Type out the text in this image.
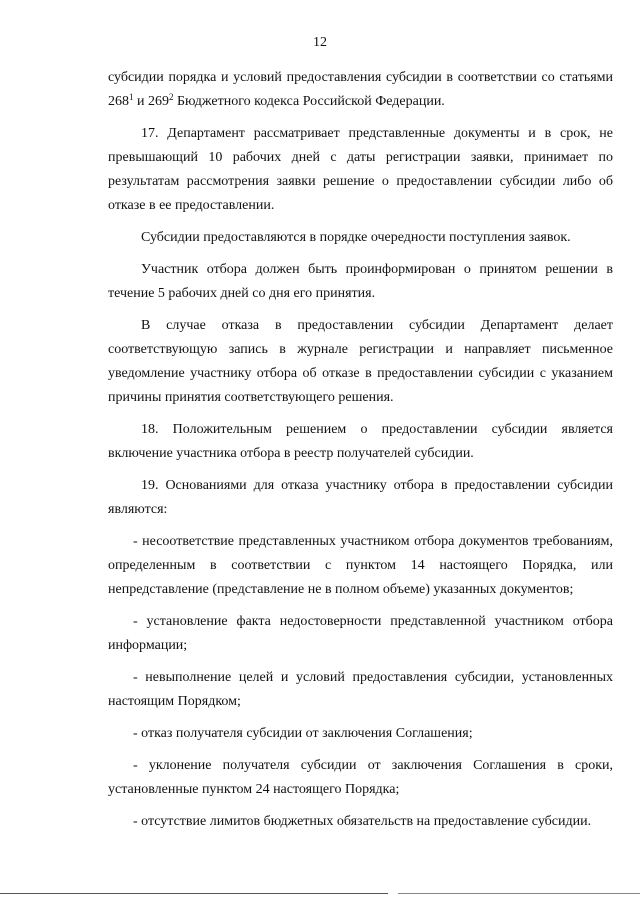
12

субсидии порядка и условий предоставления субсидии в соответствии со статьями $268^1$ и $269^2$ Бюджетного кодекса Российской Федерации.

17. Департамент рассматривает представленные документы и в срок, не превышающий 10 рабочих дней с даты регистрации заявки, принимает по результатам рассмотрения заявки решение о предоставлении субсидии либо об отказе в ее предоставлении.

Субсидии предоставляются в порядке очередности поступления заявок.

Участник отбора должен быть проинформирован о принятом решении в течение 5 рабочих дней со дня его принятия.

В случае отказа в предоставлении субсидии Департамент делает соответствующую запись в журнале регистрации и направляет письменное уведомление участнику отбора об отказе в предоставлении субсидии с указанием причины принятия соответствующего решения.

18. Положительным решением о предоставлении субсидии является включение участника отбора в реестр получателей субсидии.

19. Основаниями для отказа участнику отбора в предоставлении субсидии являются:

- несоответствие представленных участником отбора документов требованиям, определенным в соответствии с пунктом 14 настоящего Порядка, или непредставление (представление не в полном объеме) указанных документов;

- установление факта недостоверности представленной участником отбора информации;

- невыполнение целей и условий предоставления субсидии, установленных настоящим Порядком;

- отказ получателя субсидии от заключения Соглашения;

- уклонение получателя субсидии от заключения Соглашения в сроки, установленные пунктом 24 настоящего Порядка;

- отсутствие лимитов бюджетных обязательств на предоставление субсидии.
